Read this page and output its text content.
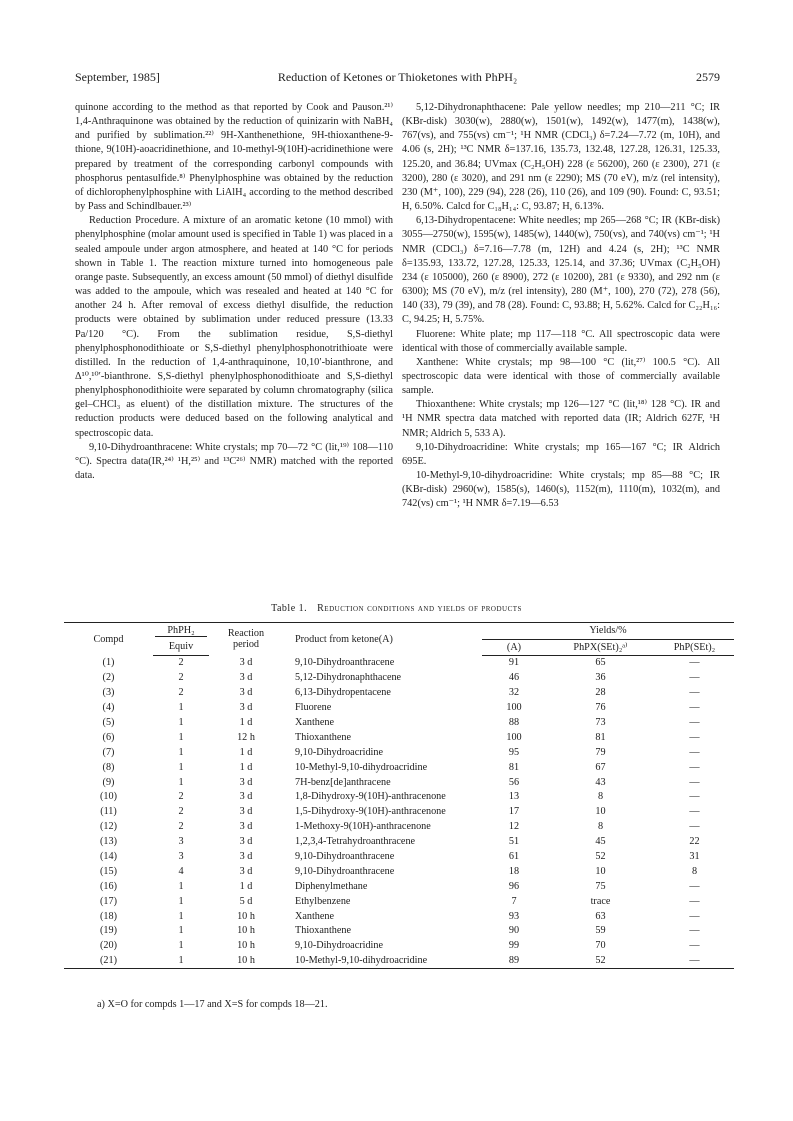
September, 1985]	Reduction of Ketones or Thioketones with PhPH₂	2579

quinone according to the method as that reported by Cook and Pauson.²¹⁾ 1,4-Anthraquinone was obtained by the reduction of quinizarin with NaBH₄ and purified by sublimation.²²⁾ 9H-Xanthenethione, 9H-thioxanthene-9-thione, 9(10H)-aoacridinethione, and 10-methyl-9(10H)-acridinethione were prepared by treatment of the corresponding carbonyl compounds with phosphorus pentasulfide.⁸⁾ Phenylphosphine was obtained by the reduction of dichlorophenylphosphine with LiAlH₄ according to the method described by Pass and Schindlbauer.²³⁾

Reduction Procedure. A mixture of an aromatic ketone (10 mmol) with phenylphosphine (molar amount used is specified in Table 1) was placed in a sealed ampoule under argon atmosphere, and heated at 140 °C for periods shown in Table 1. The reaction mixture turned into homogeneous pale orange paste. Subsequently, an excess amount (50 mmol) of diethyl disulfide was added to the ampoule, which was resealed and heated at 140 °C for another 24 h. After removal of excess diethyl disulfide, the reduction products were obtained by sublimation under reduced pressure (13.33 Pa/120 °C). From the sublimation residue, S,S-diethyl phenylphosphonodithioate or S,S-diethyl phenylphosphonotrithioate were distilled. In the reduction of 1,4-anthraquinone, 10,10′-bianthrone, and Δ¹⁰,¹⁰′-bianthrone. S,S-diethyl phenylphosphonodithioate and S,S-diethyl phenylphosphonodithioite were separated by column chromatography (silica gel–CHCl₃ as eluent) of the distillation mixture. The structures of the reduction products were deduced based on the following analytical and spectroscopic data.

9,10-Dihydroanthracene: White crystals; mp 70—72 °C (lit,¹⁹⁾ 108—110 °C). Spectra data(IR,²⁴⁾ ¹H,²⁵⁾ and ¹³C²⁶⁾ NMR) matched with the reported data.

5,12-Dihydronaphthacene: Pale yellow needles; mp 210—211 °C; IR (KBr-disk) 3030(w), 2880(w), 1501(w), 1492(w), 1477(m), 1438(w), 767(vs), and 755(vs) cm⁻¹; ¹H NMR (CDCl₃) δ=7.24—7.72 (m, 10H), and 4.06 (s, 2H); ¹³C NMR δ=137.16, 135.73, 132.48, 127.28, 126.31, 125.33, 125.20, and 36.84; UVmax (C₂H₅OH) 228 (ε 56200), 260 (ε 2300), 271 (ε 3200), 280 (ε 3020), and 291 nm (ε 2290); MS (70 eV), m/z (rel intensity), 230 (M⁺, 100), 229 (94), 228 (26), 110 (26), and 109 (90). Found: C, 93.51; H, 6.50%. Calcd for C₁₈H₁₄: C, 93.87; H, 6.13%.

6,13-Dihydropentacene: White needles; mp 265—268 °C; IR (KBr-disk) 3055—2750(w), 1595(w), 1485(w), 1440(w), 750(vs), and 740(vs) cm⁻¹; ¹H NMR (CDCl₃) δ=7.16—7.78 (m, 12H) and 4.24 (s, 2H); ¹³C NMR δ=135.93, 133.72, 127.28, 125.33, 125.14, and 37.36; UVmax (C₂H₅OH) 234 (ε 105000), 260 (ε 8900), 272 (ε 10200), 281 (ε 9330), and 292 nm (ε 6300); MS (70 eV), m/z (rel intensity), 280 (M⁺, 100), 270 (72), 278 (56), 140 (33), 79 (39), and 78 (28). Found: C, 93.88; H, 5.62%. Calcd for C₂₂H₁₆: C, 94.25; H, 5.75%.

Fluorene: White plate; mp 117—118 °C. All spectroscopic data were identical with those of commercially available sample.

Xanthene: White crystals; mp 98—100 °C (lit,²⁷⁾ 100.5 °C). All spectroscopic data were identical with those of commercially available sample.

Thioxanthene: White crystals; mp 126—127 °C (lit,¹⁸⁾ 128 °C). IR and ¹H NMR spectra data matched with reported data (IR; Aldrich 627F, ¹H NMR; Aldrich 5, 533 A).

9,10-Dihydroacridine: White crystals; mp 165—167 °C; IR Aldrich 695E.

10-Methyl-9,10-dihydroacridine: White crystals; mp 85—88 °C; IR (KBr-disk) 2960(w), 1585(s), 1460(s), 1152(m), 1110(m), 1032(m), and 742(vs) cm⁻¹; ¹H NMR δ=7.19—6.53

Table 1. Reduction conditions and yields of products
Compd	PhPH₂	Reaction
period	Product from ketone(A)	Yields/%		
	Equiv			(A)	PhPX(SEt)₂ᵃ⁾	PhP(SEt)₂
(1)	2	3 d	9,10-Dihydroanthracene	91	65	—
(2)	2	3 d	5,12-Dihydronaphthacene	46	36	—
(3)	2	3 d	6,13-Dihydropentacene	32	28	—
(4)	1	3 d	Fluorene	100	76	—
(5)	1	1 d	Xanthene	88	73	—
(6)	1	12 h	Thioxanthene	100	81	—
(7)	1	1 d	9,10-Dihydroacridine	95	79	—
(8)	1	1 d	10-Methyl-9,10-dihydroacridine	81	67	—
(9)	1	3 d	7H-benz[de]anthracene	56	43	—
(10)	2	3 d	1,8-Dihydroxy-9(10H)-anthracenone	13	8	—
(11)	2	3 d	1,5-Dihydroxy-9(10H)-anthracenone	17	10	—
(12)	2	3 d	1-Methoxy-9(10H)-anthracenone	12	8	—
(13)	3	3 d	1,2,3,4-Tetrahydroanthracene	51	45	22
(14)	3	3 d	9,10-Dihydroanthracene	61	52	31
(15)	4	3 d	9,10-Dihydroanthracene	18	10	8
(16)	1	1 d	Diphenylmethane	96	75	—
(17)	1	5 d	Ethylbenzene	7	trace	—
(18)	1	10 h	Xanthene	93	63	—
(19)	1	10 h	Thioxanthene	90	59	—
(20)	1	10 h	9,10-Dihydroacridine	99	70	—
(21)	1	10 h	10-Methyl-9,10-dihydroacridine	89	52	—
a) X=O for compds 1—17 and X=S for compds 18—21.
